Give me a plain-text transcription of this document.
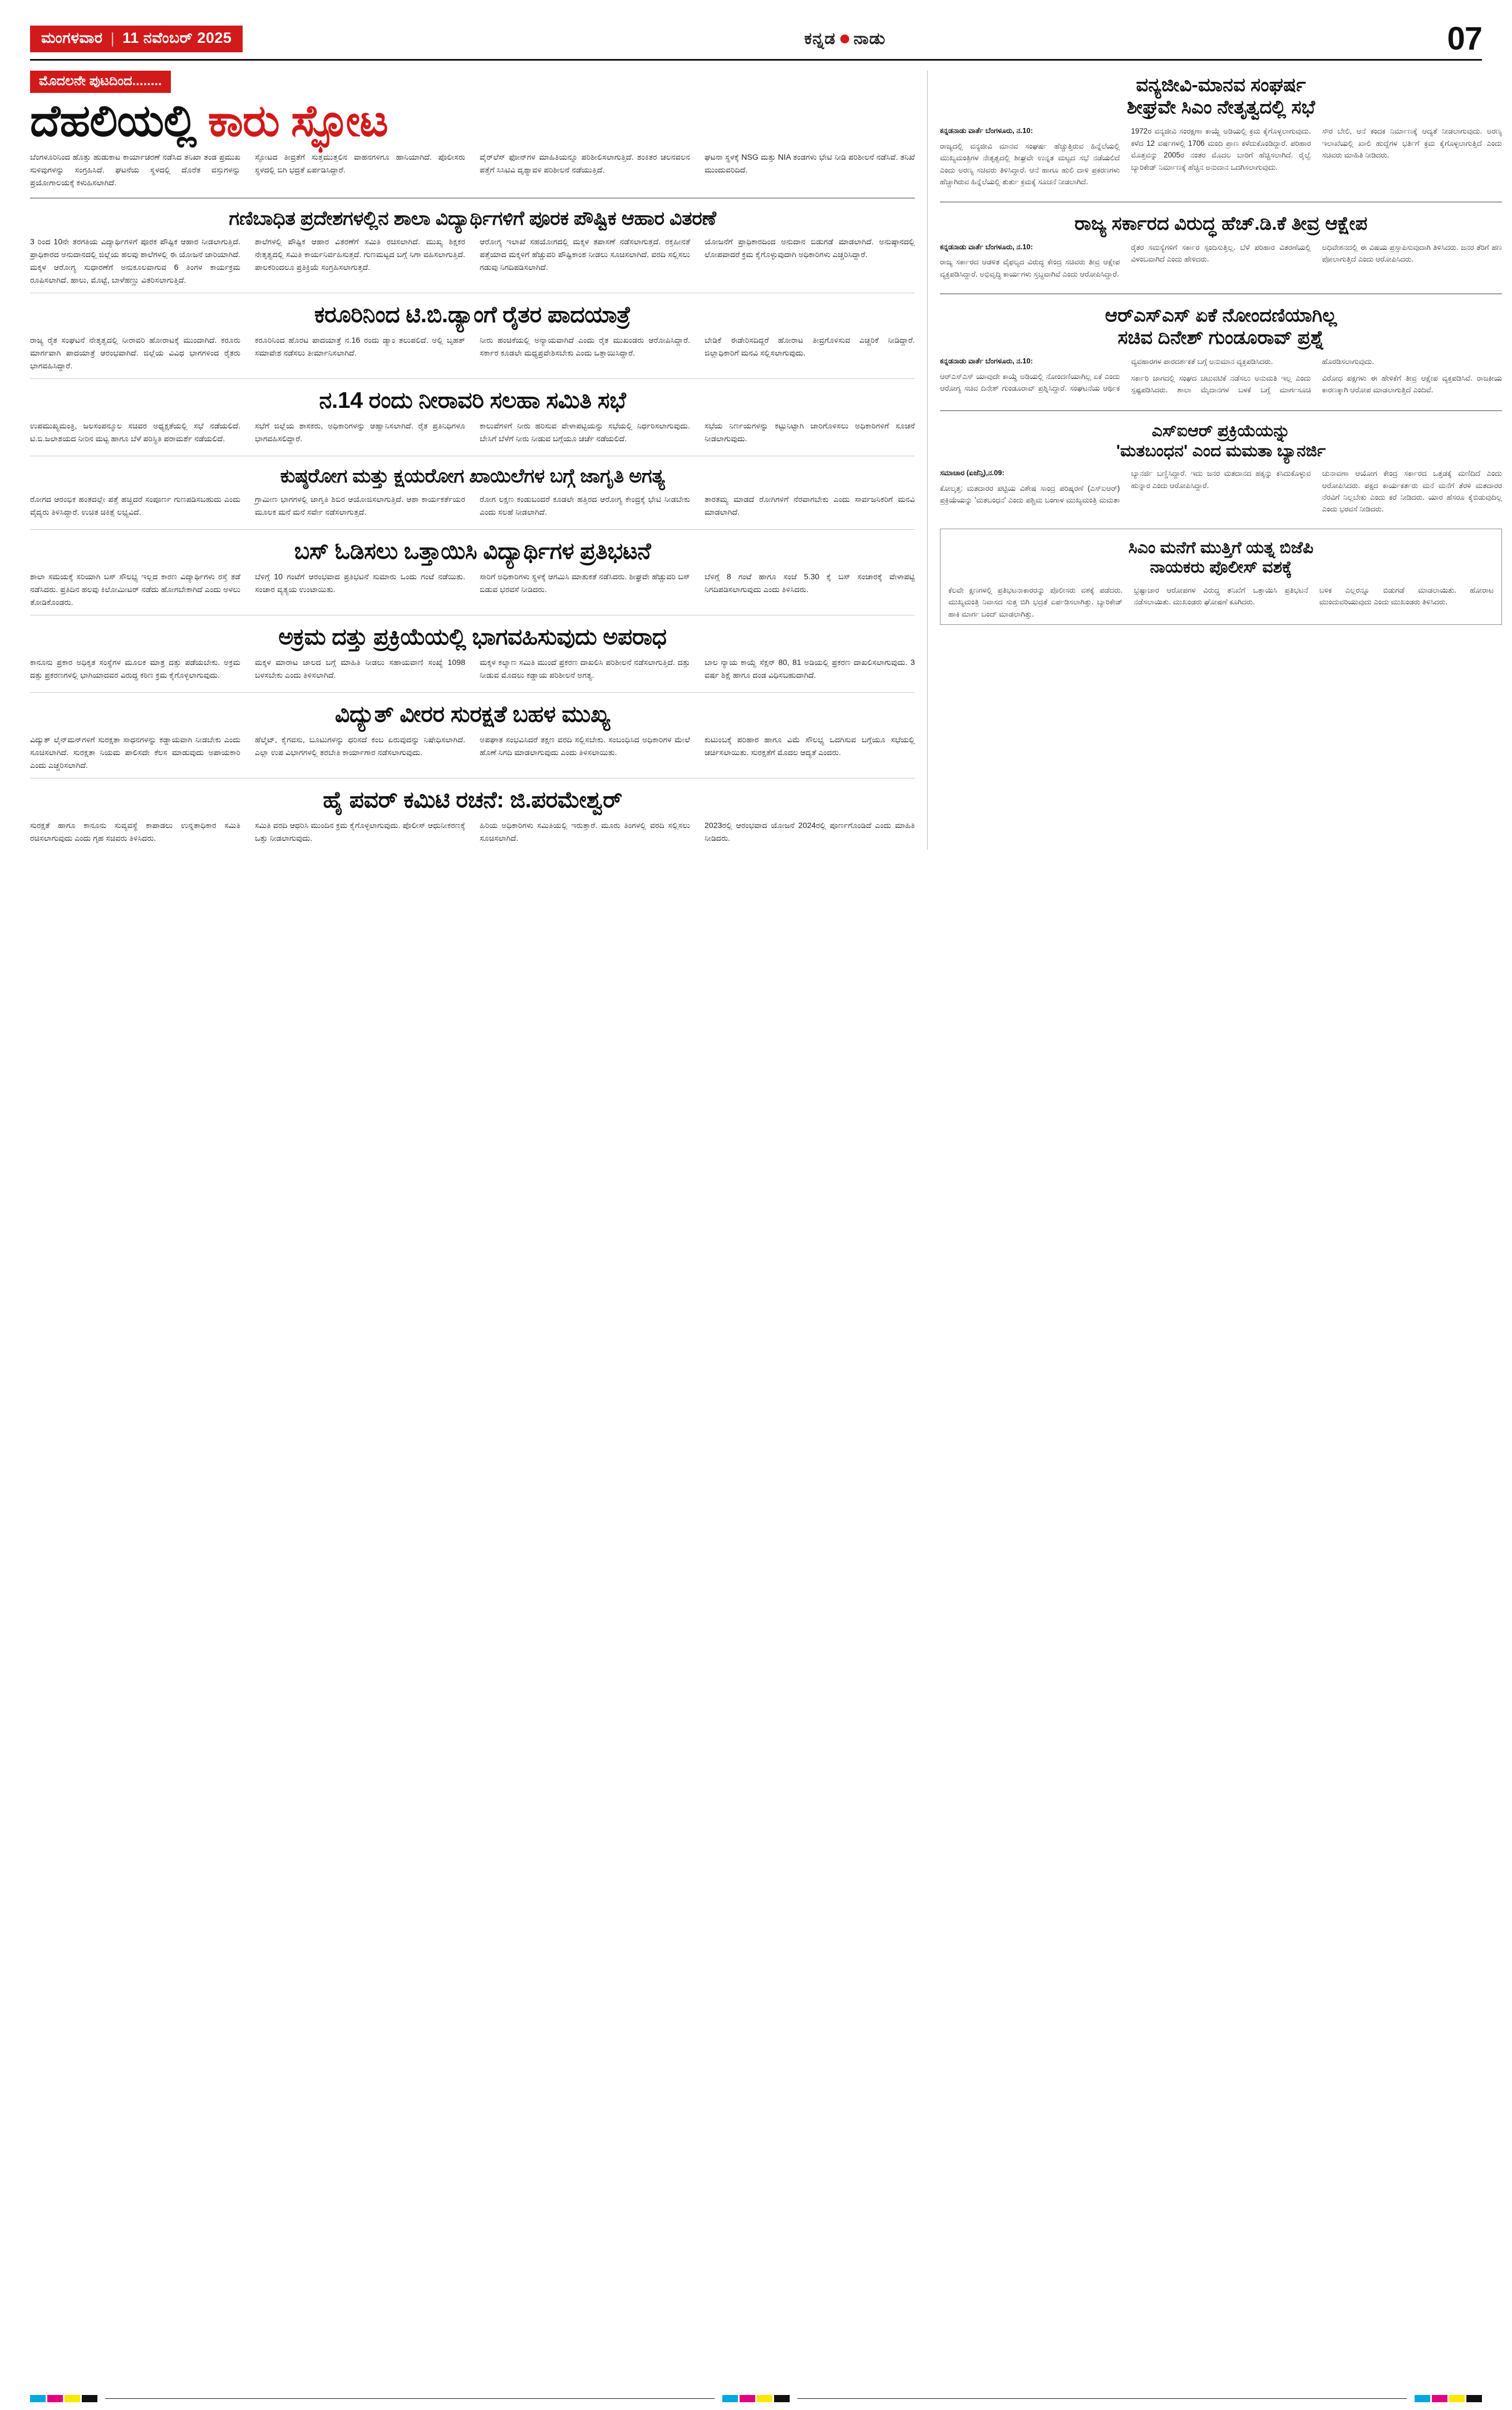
ಮಂಗಳವಾರ | 11 ನವೆಂಬರ್ 2025	ಕನ್ನಡ ನಾಡು	07
ಮೊದಲನೇ ಪುಟದಿಂದ........
ದೆಹಲಿಯಲ್ಲಿ ಕಾರು ಸ್ಫೋಟ

ಬೆಂಗಳೂರಿನಿಂದ ಹೊತ್ತು ಹುಡುಕಾಟ ಕಾರ್ಯಾಚರಣೆ ನಡೆಸಿದ ತನಿಖಾ ತಂಡ ಪ್ರಮುಖ ಸುಳಿವುಗಳನ್ನು ಸಂಗ್ರಹಿಸಿದೆ. ಘಟನೆಯ ಸ್ಥಳದಲ್ಲಿ ದೊರೆತ ವಸ್ತುಗಳನ್ನು ಪ್ರಯೋಗಾಲಯಕ್ಕೆ ಕಳುಹಿಸಲಾಗಿದೆ.

ಸ್ಫೋಟದ ತೀವ್ರತೆಗೆ ಸುತ್ತಮುತ್ತಲಿನ ವಾಹನಗಳಿಗೂ ಹಾನಿಯಾಗಿದೆ. ಪೊಲೀಸರು ಸ್ಥಳದಲ್ಲಿ ಬಿಗಿ ಭದ್ರತೆ ಏರ್ಪಡಿಸಿದ್ದಾರೆ.

ವೈರ್‌ಲೆಸ್ ಫೋನ್‌ಗಳ ಮಾಹಿತಿಯನ್ನೂ ಪರಿಶೀಲಿಸಲಾಗುತ್ತಿದೆ. ಶಂಕಿತರ ಚಲನವಲನ ಪತ್ತೆಗೆ ಸಿಸಿಟಿವಿ ದೃಶ್ಯಾವಳಿ ಪರಿಶೀಲನೆ ನಡೆಯುತ್ತಿದೆ.

ಘಟನಾ ಸ್ಥಳಕ್ಕೆ NSG ಮತ್ತು NIA ತಂಡಗಳು ಭೇಟಿ ನೀಡಿ ಪರಿಶೀಲನೆ ನಡೆಸಿವೆ. ತನಿಖೆ ಮುಂದುವರಿದಿದೆ.

ಗಣಿಬಾಧಿತ ಪ್ರದೇಶಗಳಲ್ಲಿನ ಶಾಲಾ ವಿದ್ಯಾರ್ಥಿಗಳಿಗೆ ಪೂರಕ ಪೌಷ್ಟಿಕ ಆಹಾರ ವಿತರಣೆ

3 ರಿಂದ 10ನೇ ತರಗತಿಯ ವಿದ್ಯಾರ್ಥಿಗಳಿಗೆ ಪೂರಕ ಪೌಷ್ಟಿಕ ಆಹಾರ ನೀಡಲಾಗುತ್ತಿದೆ. ಪ್ರಾಧಿಕಾರದ ಅನುದಾನದಲ್ಲಿ ಜಿಲ್ಲೆಯ ಹಲವು ಶಾಲೆಗಳಲ್ಲಿ ಈ ಯೋಜನೆ ಜಾರಿಯಾಗಿದೆ. ಮಕ್ಕಳ ಆರೋಗ್ಯ ಸುಧಾರಣೆಗೆ ಅನುಕೂಲವಾಗುವ 6 ತಿಂಗಳ ಕಾರ್ಯಕ್ರಮ ರೂಪಿಸಲಾಗಿದೆ. ಹಾಲು, ಮೊಟ್ಟೆ, ಬಾಳೆಹಣ್ಣು ವಿತರಿಸಲಾಗುತ್ತಿದೆ.

ಶಾಲೆಗಳಲ್ಲಿ ಪೌಷ್ಟಿಕ ಆಹಾರ ವಿತರಣೆಗೆ ಸಮಿತಿ ರಚಿಸಲಾಗಿದೆ. ಮುಖ್ಯ ಶಿಕ್ಷಕರ ನೇತೃತ್ವದಲ್ಲಿ ಸಮಿತಿ ಕಾರ್ಯನಿರ್ವಹಿಸುತ್ತದೆ. ಗುಣಮಟ್ಟದ ಬಗ್ಗೆ ನಿಗಾ ವಹಿಸಲಾಗುತ್ತಿದೆ. ಪಾಲಕರಿಂದಲೂ ಪ್ರತಿಕ್ರಿಯೆ ಸಂಗ್ರಹಿಸಲಾಗುತ್ತದೆ.

ಆರೋಗ್ಯ ಇಲಾಖೆ ಸಹಯೋಗದಲ್ಲಿ ಮಕ್ಕಳ ತಪಾಸಣೆ ನಡೆಸಲಾಗುತ್ತದೆ. ರಕ್ತಹೀನತೆ ಪತ್ತೆಯಾದ ಮಕ್ಕಳಿಗೆ ಹೆಚ್ಚುವರಿ ಪೌಷ್ಟಿಕಾಂಶ ನೀಡಲು ಸೂಚಿಸಲಾಗಿದೆ. ವರದಿ ಸಲ್ಲಿಸಲು ಗಡುವು ನಿಗದಿಪಡಿಸಲಾಗಿದೆ.

ಯೋಜನೆಗೆ ಪ್ರಾಧಿಕಾರದಿಂದ ಅನುದಾನ ಬಿಡುಗಡೆ ಮಾಡಲಾಗಿದೆ. ಅನುಷ್ಠಾನದಲ್ಲಿ ಲೋಪವಾದರೆ ಕ್ರಮ ಕೈಗೊಳ್ಳುವುದಾಗಿ ಅಧಿಕಾರಿಗಳು ಎಚ್ಚರಿಸಿದ್ದಾರೆ.

ಕರೂರಿನಿಂದ ಟಿ.ಬಿ.ಡ್ಯಾಂಗೆ ರೈತರ ಪಾದಯಾತ್ರೆ

ರಾಜ್ಯ ರೈತ ಸಂಘಟನೆ ನೇತೃತ್ವದಲ್ಲಿ ನೀರಾವರಿ ಹೋರಾಟಕ್ಕೆ ಮುಂದಾಗಿದೆ. ಕರೂರು ಮಾರ್ಗವಾಗಿ ಪಾದಯಾತ್ರೆ ಆರಂಭವಾಗಿದೆ. ಜಿಲ್ಲೆಯ ವಿವಿಧ ಭಾಗಗಳಿಂದ ರೈತರು ಭಾಗವಹಿಸಿದ್ದಾರೆ.

ಕರೂರಿನಿಂದ ಹೊರಟ ಪಾದಯಾತ್ರೆ ನ.16 ರಂದು ಡ್ಯಾಂ ತಲುಪಲಿದೆ. ಅಲ್ಲಿ ಬೃಹತ್ ಸಮಾವೇಶ ನಡೆಸಲು ತೀರ್ಮಾನಿಸಲಾಗಿದೆ.

ನೀರು ಹಂಚಿಕೆಯಲ್ಲಿ ಅನ್ಯಾಯವಾಗಿದೆ ಎಂದು ರೈತ ಮುಖಂಡರು ಆರೋಪಿಸಿದ್ದಾರೆ. ಸರ್ಕಾರ ಕೂಡಲೇ ಮಧ್ಯಪ್ರವೇಶಿಸಬೇಕು ಎಂದು ಒತ್ತಾಯಿಸಿದ್ದಾರೆ.

ಬೇಡಿಕೆ ಈಡೇರಿಸದಿದ್ದರೆ ಹೋರಾಟ ತೀವ್ರಗೊಳಿಸುವ ಎಚ್ಚರಿಕೆ ನೀಡಿದ್ದಾರೆ. ಜಿಲ್ಲಾಧಿಕಾರಿಗೆ ಮನವಿ ಸಲ್ಲಿಸಲಾಗುವುದು.

ನ.14 ರಂದು ನೀರಾವರಿ ಸಲಹಾ ಸಮಿತಿ ಸಭೆ

ಉಪಮುಖ್ಯಮಂತ್ರಿ, ಜಲಸಂಪನ್ಮೂಲ ಸಚಿವರ ಅಧ್ಯಕ್ಷತೆಯಲ್ಲಿ ಸಭೆ ನಡೆಯಲಿದೆ. ಟಿ.ಬಿ.ಜಲಾಶಯದ ನೀರಿನ ಮಟ್ಟ ಹಾಗೂ ಬೆಳೆ ಪರಿಸ್ಥಿತಿ ಪರಾಮರ್ಶೆ ನಡೆಯಲಿದೆ.

ಸಭೆಗೆ ಜಿಲ್ಲೆಯ ಶಾಸಕರು, ಅಧಿಕಾರಿಗಳನ್ನು ಆಹ್ವಾನಿಸಲಾಗಿದೆ. ರೈತ ಪ್ರತಿನಿಧಿಗಳೂ ಭಾಗವಹಿಸಲಿದ್ದಾರೆ.

ಕಾಲುವೆಗಳಿಗೆ ನೀರು ಹರಿಸುವ ವೇಳಾಪಟ್ಟಿಯನ್ನು ಸಭೆಯಲ್ಲಿ ನಿರ್ಧರಿಸಲಾಗುವುದು. ಬೇಸಿಗೆ ಬೆಳೆಗೆ ನೀರು ನೀಡುವ ಬಗ್ಗೆಯೂ ಚರ್ಚೆ ನಡೆಯಲಿದೆ.

ಸಭೆಯ ನಿರ್ಣಯಗಳನ್ನು ಕಟ್ಟುನಿಟ್ಟಾಗಿ ಜಾರಿಗೊಳಿಸಲು ಅಧಿಕಾರಿಗಳಿಗೆ ಸೂಚನೆ ನೀಡಲಾಗುವುದು.

ಕುಷ್ಠರೋಗ ಮತ್ತು ಕ್ಷಯರೋಗ ಖಾಯಿಲೆಗಳ ಬಗ್ಗೆ ಜಾಗೃತಿ ಅಗತ್ಯ

ರೋಗದ ಆರಂಭಿಕ ಹಂತದಲ್ಲೇ ಪತ್ತೆ ಹಚ್ಚಿದರೆ ಸಂಪೂರ್ಣ ಗುಣಪಡಿಸಬಹುದು ಎಂದು ವೈದ್ಯರು ತಿಳಿಸಿದ್ದಾರೆ. ಉಚಿತ ಚಿಕಿತ್ಸೆ ಲಭ್ಯವಿದೆ.

ಗ್ರಾಮೀಣ ಭಾಗಗಳಲ್ಲಿ ಜಾಗೃತಿ ಶಿಬಿರ ಆಯೋಜಿಸಲಾಗುತ್ತಿದೆ. ಆಶಾ ಕಾರ್ಯಕರ್ತೆಯರ ಮೂಲಕ ಮನೆ ಮನೆ ಸರ್ವೇ ನಡೆಸಲಾಗುತ್ತದೆ.

ರೋಗ ಲಕ್ಷಣ ಕಂಡುಬಂದರೆ ಕೂಡಲೇ ಹತ್ತಿರದ ಆರೋಗ್ಯ ಕೇಂದ್ರಕ್ಕೆ ಭೇಟಿ ನೀಡಬೇಕು ಎಂದು ಸಲಹೆ ನೀಡಲಾಗಿದೆ.

ತಾರತಮ್ಯ ಮಾಡದೆ ರೋಗಿಗಳಿಗೆ ನೆರವಾಗಬೇಕು ಎಂದು ಸಾರ್ವಜನಿಕರಿಗೆ ಮನವಿ ಮಾಡಲಾಗಿದೆ.

ಬಸ್ ಓಡಿಸಲು ಒತ್ತಾಯಿಸಿ ವಿದ್ಯಾರ್ಥಿಗಳ ಪ್ರತಿಭಟನೆ

ಶಾಲಾ ಸಮಯಕ್ಕೆ ಸರಿಯಾಗಿ ಬಸ್ ಸೌಲಭ್ಯ ಇಲ್ಲದ ಕಾರಣ ವಿದ್ಯಾರ್ಥಿಗಳು ರಸ್ತೆ ತಡೆ ನಡೆಸಿದರು. ಪ್ರತಿದಿನ ಹಲವು ಕಿಲೋಮೀಟರ್ ನಡೆದು ಹೋಗಬೇಕಾಗಿದೆ ಎಂದು ಅಳಲು ತೋಡಿಕೊಂಡರು.

ಬೆಳಿಗ್ಗೆ 10 ಗಂಟೆಗೆ ಆರಂಭವಾದ ಪ್ರತಿಭಟನೆ ಸುಮಾರು ಒಂದು ಗಂಟೆ ನಡೆಯಿತು. ಸಂಚಾರ ವ್ಯತ್ಯಯ ಉಂಟಾಯಿತು.

ಸಾರಿಗೆ ಅಧಿಕಾರಿಗಳು ಸ್ಥಳಕ್ಕೆ ಆಗಮಿಸಿ ಮಾತುಕತೆ ನಡೆಸಿದರು. ಶೀಘ್ರವೇ ಹೆಚ್ಚುವರಿ ಬಸ್ ಬಿಡುವ ಭರವಸೆ ನೀಡಿದರು.

ಬೆಳಿಗ್ಗೆ 8 ಗಂಟೆ ಹಾಗೂ ಸಂಜೆ 5.30 ಕ್ಕೆ ಬಸ್ ಸಂಚಾರಕ್ಕೆ ವೇಳಾಪಟ್ಟಿ ನಿಗದಿಪಡಿಸಲಾಗುವುದು ಎಂದು ತಿಳಿಸಿದರು.

ಅಕ್ರಮ ದತ್ತು ಪ್ರಕ್ರಿಯೆಯಲ್ಲಿ ಭಾಗವಹಿಸುವುದು ಅಪರಾಧ

ಕಾನೂನು ಪ್ರಕಾರ ಅಧಿಕೃತ ಸಂಸ್ಥೆಗಳ ಮೂಲಕ ಮಾತ್ರ ದತ್ತು ಪಡೆಯಬೇಕು. ಅಕ್ರಮ ದತ್ತು ಪ್ರಕರಣಗಳಲ್ಲಿ ಭಾಗಿಯಾದವರ ವಿರುದ್ಧ ಕಠಿಣ ಕ್ರಮ ಕೈಗೊಳ್ಳಲಾಗುವುದು.

ಮಕ್ಕಳ ಮಾರಾಟ ಜಾಲದ ಬಗ್ಗೆ ಮಾಹಿತಿ ನೀಡಲು ಸಹಾಯವಾಣಿ ಸಂಖ್ಯೆ 1098 ಬಳಸಬೇಕು ಎಂದು ತಿಳಿಸಲಾಗಿದೆ.

ಮಕ್ಕಳ ಕಲ್ಯಾಣ ಸಮಿತಿ ಮುಂದೆ ಪ್ರಕರಣ ದಾಖಲಿಸಿ ಪರಿಶೀಲನೆ ನಡೆಸಲಾಗುತ್ತಿದೆ. ದತ್ತು ನೀಡುವ ಮೊದಲು ಕಡ್ಡಾಯ ಪರಿಶೀಲನೆ ಅಗತ್ಯ.

ಬಾಲ ನ್ಯಾಯ ಕಾಯ್ದೆ ಸೆಕ್ಷನ್ 80, 81 ಅಡಿಯಲ್ಲಿ ಪ್ರಕರಣ ದಾಖಲಿಸಲಾಗುವುದು. 3 ವರ್ಷ ಶಿಕ್ಷೆ ಹಾಗೂ ದಂಡ ವಿಧಿಸಬಹುದಾಗಿದೆ.

ವಿದ್ಯುತ್ ವೀರರ ಸುರಕ್ಷತೆ ಬಹಳ ಮುಖ್ಯ

ವಿದ್ಯುತ್ ಲೈನ್‌ಮನ್‌ಗಳಿಗೆ ಸುರಕ್ಷತಾ ಸಾಧನಗಳನ್ನು ಕಡ್ಡಾಯವಾಗಿ ನೀಡಬೇಕು ಎಂದು ಸೂಚಿಸಲಾಗಿದೆ. ಸುರಕ್ಷತಾ ನಿಯಮ ಪಾಲಿಸದೇ ಕೆಲಸ ಮಾಡುವುದು ಅಪಾಯಕಾರಿ ಎಂದು ಎಚ್ಚರಿಸಲಾಗಿದೆ.

ಹೆಲ್ಮೆಟ್, ಕೈಗವಸು, ಬೂಟುಗಳನ್ನು ಧರಿಸದೆ ಕಂಬ ಏರುವುದನ್ನು ನಿಷೇಧಿಸಲಾಗಿದೆ. ಎಲ್ಲಾ ಉಪ ವಿಭಾಗಗಳಲ್ಲಿ ತರಬೇತಿ ಕಾರ್ಯಾಗಾರ ನಡೆಸಲಾಗುವುದು.

ಅಪಘಾತ ಸಂಭವಿಸಿದರೆ ತಕ್ಷಣ ವರದಿ ಸಲ್ಲಿಸಬೇಕು. ಸಂಬಂಧಿಸಿದ ಅಧಿಕಾರಿಗಳ ಮೇಲೆ ಹೊಣೆ ನಿಗದಿ ಮಾಡಲಾಗುವುದು ಎಂದು ತಿಳಿಸಲಾಯಿತು.

ಕುಟುಂಬಕ್ಕೆ ಪರಿಹಾರ ಹಾಗೂ ವಿಮೆ ಸೌಲಭ್ಯ ಒದಗಿಸುವ ಬಗ್ಗೆಯೂ ಸಭೆಯಲ್ಲಿ ಚರ್ಚಿಸಲಾಯಿತು. ಸುರಕ್ಷತೆಗೆ ಮೊದಲ ಆದ್ಯತೆ ಎಂದರು.

ಹೈ ಪವರ್ ಕಮಿಟಿ ರಚನೆ: ಜಿ.ಪರಮೇಶ್ವರ್

ಸುರಕ್ಷತೆ ಹಾಗೂ ಕಾನೂನು ಸುವ್ಯವಸ್ಥೆ ಕಾಪಾಡಲು ಉನ್ನತಾಧಿಕಾರ ಸಮಿತಿ ರಚಿಸಲಾಗುವುದು ಎಂದು ಗೃಹ ಸಚಿವರು ತಿಳಿಸಿದರು.

ಸಮಿತಿ ವರದಿ ಆಧರಿಸಿ ಮುಂದಿನ ಕ್ರಮ ಕೈಗೊಳ್ಳಲಾಗುವುದು. ಪೊಲೀಸ್ ಆಧುನೀಕರಣಕ್ಕೆ ಒತ್ತು ನೀಡಲಾಗುವುದು.

ಹಿರಿಯ ಅಧಿಕಾರಿಗಳು ಸಮಿತಿಯಲ್ಲಿ ಇರುತ್ತಾರೆ. ಮೂರು ತಿಂಗಳಲ್ಲಿ ವರದಿ ಸಲ್ಲಿಸಲು ಸೂಚಿಸಲಾಗಿದೆ.

2023ರಲ್ಲಿ ಆರಂಭವಾದ ಯೋಜನೆ 2024ರಲ್ಲಿ ಪೂರ್ಣಗೊಂಡಿದೆ ಎಂದು ಮಾಹಿತಿ ನೀಡಿದರು.

ವನ್ಯಜೀವಿ-ಮಾನವ ಸಂಘರ್ಷ
ಶೀಘ್ರವೇ ಸಿಎಂ ನೇತೃತ್ವದಲ್ಲಿ ಸಭೆ

ಕನ್ನಡನಾಡು ವಾರ್ತೆ ಬೆಂಗಳೂರು, ನ.10:

ರಾಜ್ಯದಲ್ಲಿ ವನ್ಯಜೀವಿ ಮಾನವ ಸಂಘರ್ಷ ಹೆಚ್ಚುತ್ತಿರುವ ಹಿನ್ನೆಲೆಯಲ್ಲಿ ಮುಖ್ಯಮಂತ್ರಿಗಳ ನೇತೃತ್ವದಲ್ಲಿ ಶೀಘ್ರವೇ ಉನ್ನತ ಮಟ್ಟದ ಸಭೆ ನಡೆಯಲಿದೆ ಎಂದು ಅರಣ್ಯ ಸಚಿವರು ತಿಳಿಸಿದ್ದಾರೆ. ಆನೆ ಹಾಗೂ ಹುಲಿ ದಾಳಿ ಪ್ರಕರಣಗಳು ಹೆಚ್ಚಾಗಿರುವ ಹಿನ್ನೆಲೆಯಲ್ಲಿ ತುರ್ತು ಕ್ರಮಕ್ಕೆ ಸೂಚನೆ ನೀಡಲಾಗಿದೆ.

1972ರ ವನ್ಯಜೀವಿ ಸಂರಕ್ಷಣಾ ಕಾಯ್ದೆ ಅಡಿಯಲ್ಲಿ ಕ್ರಮ ಕೈಗೊಳ್ಳಲಾಗುವುದು. ಕಳೆದ 12 ವರ್ಷಗಳಲ್ಲಿ 1706 ಮಂದಿ ಪ್ರಾಣ ಕಳೆದುಕೊಂಡಿದ್ದಾರೆ. ಪರಿಹಾರ ಮೊತ್ತವನ್ನು 2005ರ ನಂತರ ಮೊದಲ ಬಾರಿಗೆ ಹೆಚ್ಚಿಸಲಾಗಿದೆ. ರೈಲ್ವೆ ಬ್ಯಾರಿಕೇಡ್ ನಿರ್ಮಾಣಕ್ಕೆ ಹೆಚ್ಚಿನ ಅನುದಾನ ಒದಗಿಸಲಾಗುವುದು.

ಸೌರ ಬೇಲಿ, ಆನೆ ಕಂದಕ ನಿರ್ಮಾಣಕ್ಕೆ ಆದ್ಯತೆ ನೀಡಲಾಗುವುದು. ಅರಣ್ಯ ಇಲಾಖೆಯಲ್ಲಿ ಖಾಲಿ ಹುದ್ದೆಗಳ ಭರ್ತಿಗೆ ಕ್ರಮ ಕೈಗೊಳ್ಳಲಾಗುತ್ತಿದೆ ಎಂದು ಸಚಿವರು ಮಾಹಿತಿ ನೀಡಿದರು.

ರಾಜ್ಯ ಸರ್ಕಾರದ ವಿರುದ್ಧ ಹೆಚ್.ಡಿ.ಕೆ ತೀವ್ರ ಆಕ್ಷೇಪ

ಕನ್ನಡನಾಡು ವಾರ್ತೆ ಬೆಂಗಳೂರು, ನ.10:

ರಾಜ್ಯ ಸರ್ಕಾರದ ಆಡಳಿತ ವೈಫಲ್ಯದ ವಿರುದ್ಧ ಕೇಂದ್ರ ಸಚಿವರು ತೀವ್ರ ಆಕ್ಷೇಪ ವ್ಯಕ್ತಪಡಿಸಿದ್ದಾರೆ. ಅಭಿವೃದ್ಧಿ ಕಾರ್ಯಗಳು ಸ್ತಬ್ಧವಾಗಿವೆ ಎಂದು ಆರೋಪಿಸಿದ್ದಾರೆ.

ರೈತರ ಸಮಸ್ಯೆಗಳಿಗೆ ಸರ್ಕಾರ ಸ್ಪಂದಿಸುತ್ತಿಲ್ಲ. ಬೆಳೆ ಪರಿಹಾರ ವಿತರಣೆಯಲ್ಲಿ ವಿಳಂಬವಾಗಿದೆ ಎಂದು ಹೇಳಿದರು.

ಅಧಿವೇಶನದಲ್ಲಿ ಈ ವಿಷಯ ಪ್ರಸ್ತಾಪಿಸುವುದಾಗಿ ತಿಳಿಸಿದರು. ಜನರ ತೆರಿಗೆ ಹಣ ಪೋಲಾಗುತ್ತಿದೆ ಎಂದು ಆರೋಪಿಸಿದರು.

ಆರ್‌ಎಸ್‌ಎಸ್ ಏಕೆ ನೋಂದಣಿಯಾಗಿಲ್ಲ
ಸಚಿವ ದಿನೇಶ್ ಗುಂಡೂರಾವ್ ಪ್ರಶ್ನೆ

ಕನ್ನಡನಾಡು ವಾರ್ತೆ ಬೆಂಗಳೂರು, ನ.10:

ಆರ್‌ಎಸ್‌ಎಸ್ ಯಾವುದೇ ಕಾಯ್ದೆ ಅಡಿಯಲ್ಲಿ ನೋಂದಣಿಯಾಗಿಲ್ಲ ಏಕೆ ಎಂದು ಆರೋಗ್ಯ ಸಚಿವ ದಿನೇಶ್ ಗುಂಡೂರಾವ್ ಪ್ರಶ್ನಿಸಿದ್ದಾರೆ. ಸಂಘಟನೆಯ ಆರ್ಥಿಕ ವ್ಯವಹಾರಗಳ ಪಾರದರ್ಶಕತೆ ಬಗ್ಗೆ ಅನುಮಾನ ವ್ಯಕ್ತಪಡಿಸಿದರು.

ಸರ್ಕಾರಿ ಜಾಗದಲ್ಲಿ ಸಂಘದ ಚಟುವಟಿಕೆ ನಡೆಸಲು ಅನುಮತಿ ಇಲ್ಲ ಎಂದು ಸ್ಪಷ್ಟಪಡಿಸಿದರು. ಶಾಲಾ ಮೈದಾನಗಳ ಬಳಕೆ ಬಗ್ಗೆ ಮಾರ್ಗಸೂಚಿ ಹೊರಡಿಸಲಾಗುವುದು.

ವಿರೋಧ ಪಕ್ಷಗಳು ಈ ಹೇಳಿಕೆಗೆ ತೀವ್ರ ಆಕ್ಷೇಪ ವ್ಯಕ್ತಪಡಿಸಿವೆ. ರಾಜಕೀಯ ಕಾರಣಕ್ಕಾಗಿ ಆರೋಪ ಮಾಡಲಾಗುತ್ತಿದೆ ಎಂದಿವೆ.

ಎಸ್‌ಐಆರ್ ಪ್ರಕ್ರಿಯೆಯನ್ನು
'ಮತಬಂಧನ' ಎಂದ ಮಮತಾ ಬ್ಯಾನರ್ಜಿ

ಸಮಾಚಾರ (ಏಜೆನ್ಸಿ),ನ.09:

ಕೋಲ್ಕತ್ತ: ಮತದಾರರ ಪಟ್ಟಿಯ ವಿಶೇಷ ಸಾಂದ್ರ ಪರಿಷ್ಕರಣೆ (ಎಸ್‌ಐಆರ್) ಪ್ರಕ್ರಿಯೆಯನ್ನು 'ಮತಬಂಧನ' ಎಂದು ಪಶ್ಚಿಮ ಬಂಗಾಳ ಮುಖ್ಯಮಂತ್ರಿ ಮಮತಾ ಬ್ಯಾನರ್ಜಿ ಬಣ್ಣಿಸಿದ್ದಾರೆ. ಇದು ಜನರ ಮತದಾನದ ಹಕ್ಕನ್ನು ಕಸಿದುಕೊಳ್ಳುವ ಹುನ್ನಾರ ಎಂದು ಆರೋಪಿಸಿದ್ದಾರೆ.

ಚುನಾವಣಾ ಆಯೋಗ ಕೇಂದ್ರ ಸರ್ಕಾರದ ಒತ್ತಡಕ್ಕೆ ಮಣಿದಿದೆ ಎಂದು ಆರೋಪಿಸಿದರು. ಪಕ್ಷದ ಕಾರ್ಯಕರ್ತರು ಮನೆ ಮನೆಗೆ ತೆರಳಿ ಮತದಾರರ ನೆರವಿಗೆ ನಿಲ್ಲಬೇಕು ಎಂದು ಕರೆ ನೀಡಿದರು. ಯಾರ ಹೆಸರೂ ಕೈಬಿಡುವುದಿಲ್ಲ ಎಂದು ಭರವಸೆ ನೀಡಿದರು.

ಸಿಎಂ ಮನೆಗೆ ಮುತ್ತಿಗೆ ಯತ್ನ ಬಿಜೆಪಿ
ನಾಯಕರು ಪೊಲೀಸ್ ವಶಕ್ಕೆ

ಕೆಲವೇ ಕ್ಷಣಗಳಲ್ಲಿ ಪ್ರತಿಭಟನಾಕಾರರನ್ನು ಪೊಲೀಸರು ವಶಕ್ಕೆ ಪಡೆದರು. ಮುಖ್ಯಮಂತ್ರಿ ನಿವಾಸದ ಸುತ್ತ ಬಿಗಿ ಭದ್ರತೆ ಏರ್ಪಡಿಸಲಾಗಿತ್ತು. ಬ್ಯಾರಿಕೇಡ್ ಹಾಕಿ ಮಾರ್ಗ ಬಂದ್ ಮಾಡಲಾಗಿತ್ತು.

ಭ್ರಷ್ಟಾಚಾರ ಆರೋಪಗಳ ವಿರುದ್ಧ ತನಿಖೆಗೆ ಒತ್ತಾಯಿಸಿ ಪ್ರತಿಭಟನೆ ನಡೆಸಲಾಯಿತು. ಮುಖಂಡರು ಘೋಷಣೆ ಕೂಗಿದರು.

ಬಳಿಕ ಎಲ್ಲರನ್ನೂ ಬಿಡುಗಡೆ ಮಾಡಲಾಯಿತು. ಹೋರಾಟ ಮುಂದುವರಿಯುವುದು ಎಂದು ಮುಖಂಡರು ತಿಳಿಸಿದರು.
